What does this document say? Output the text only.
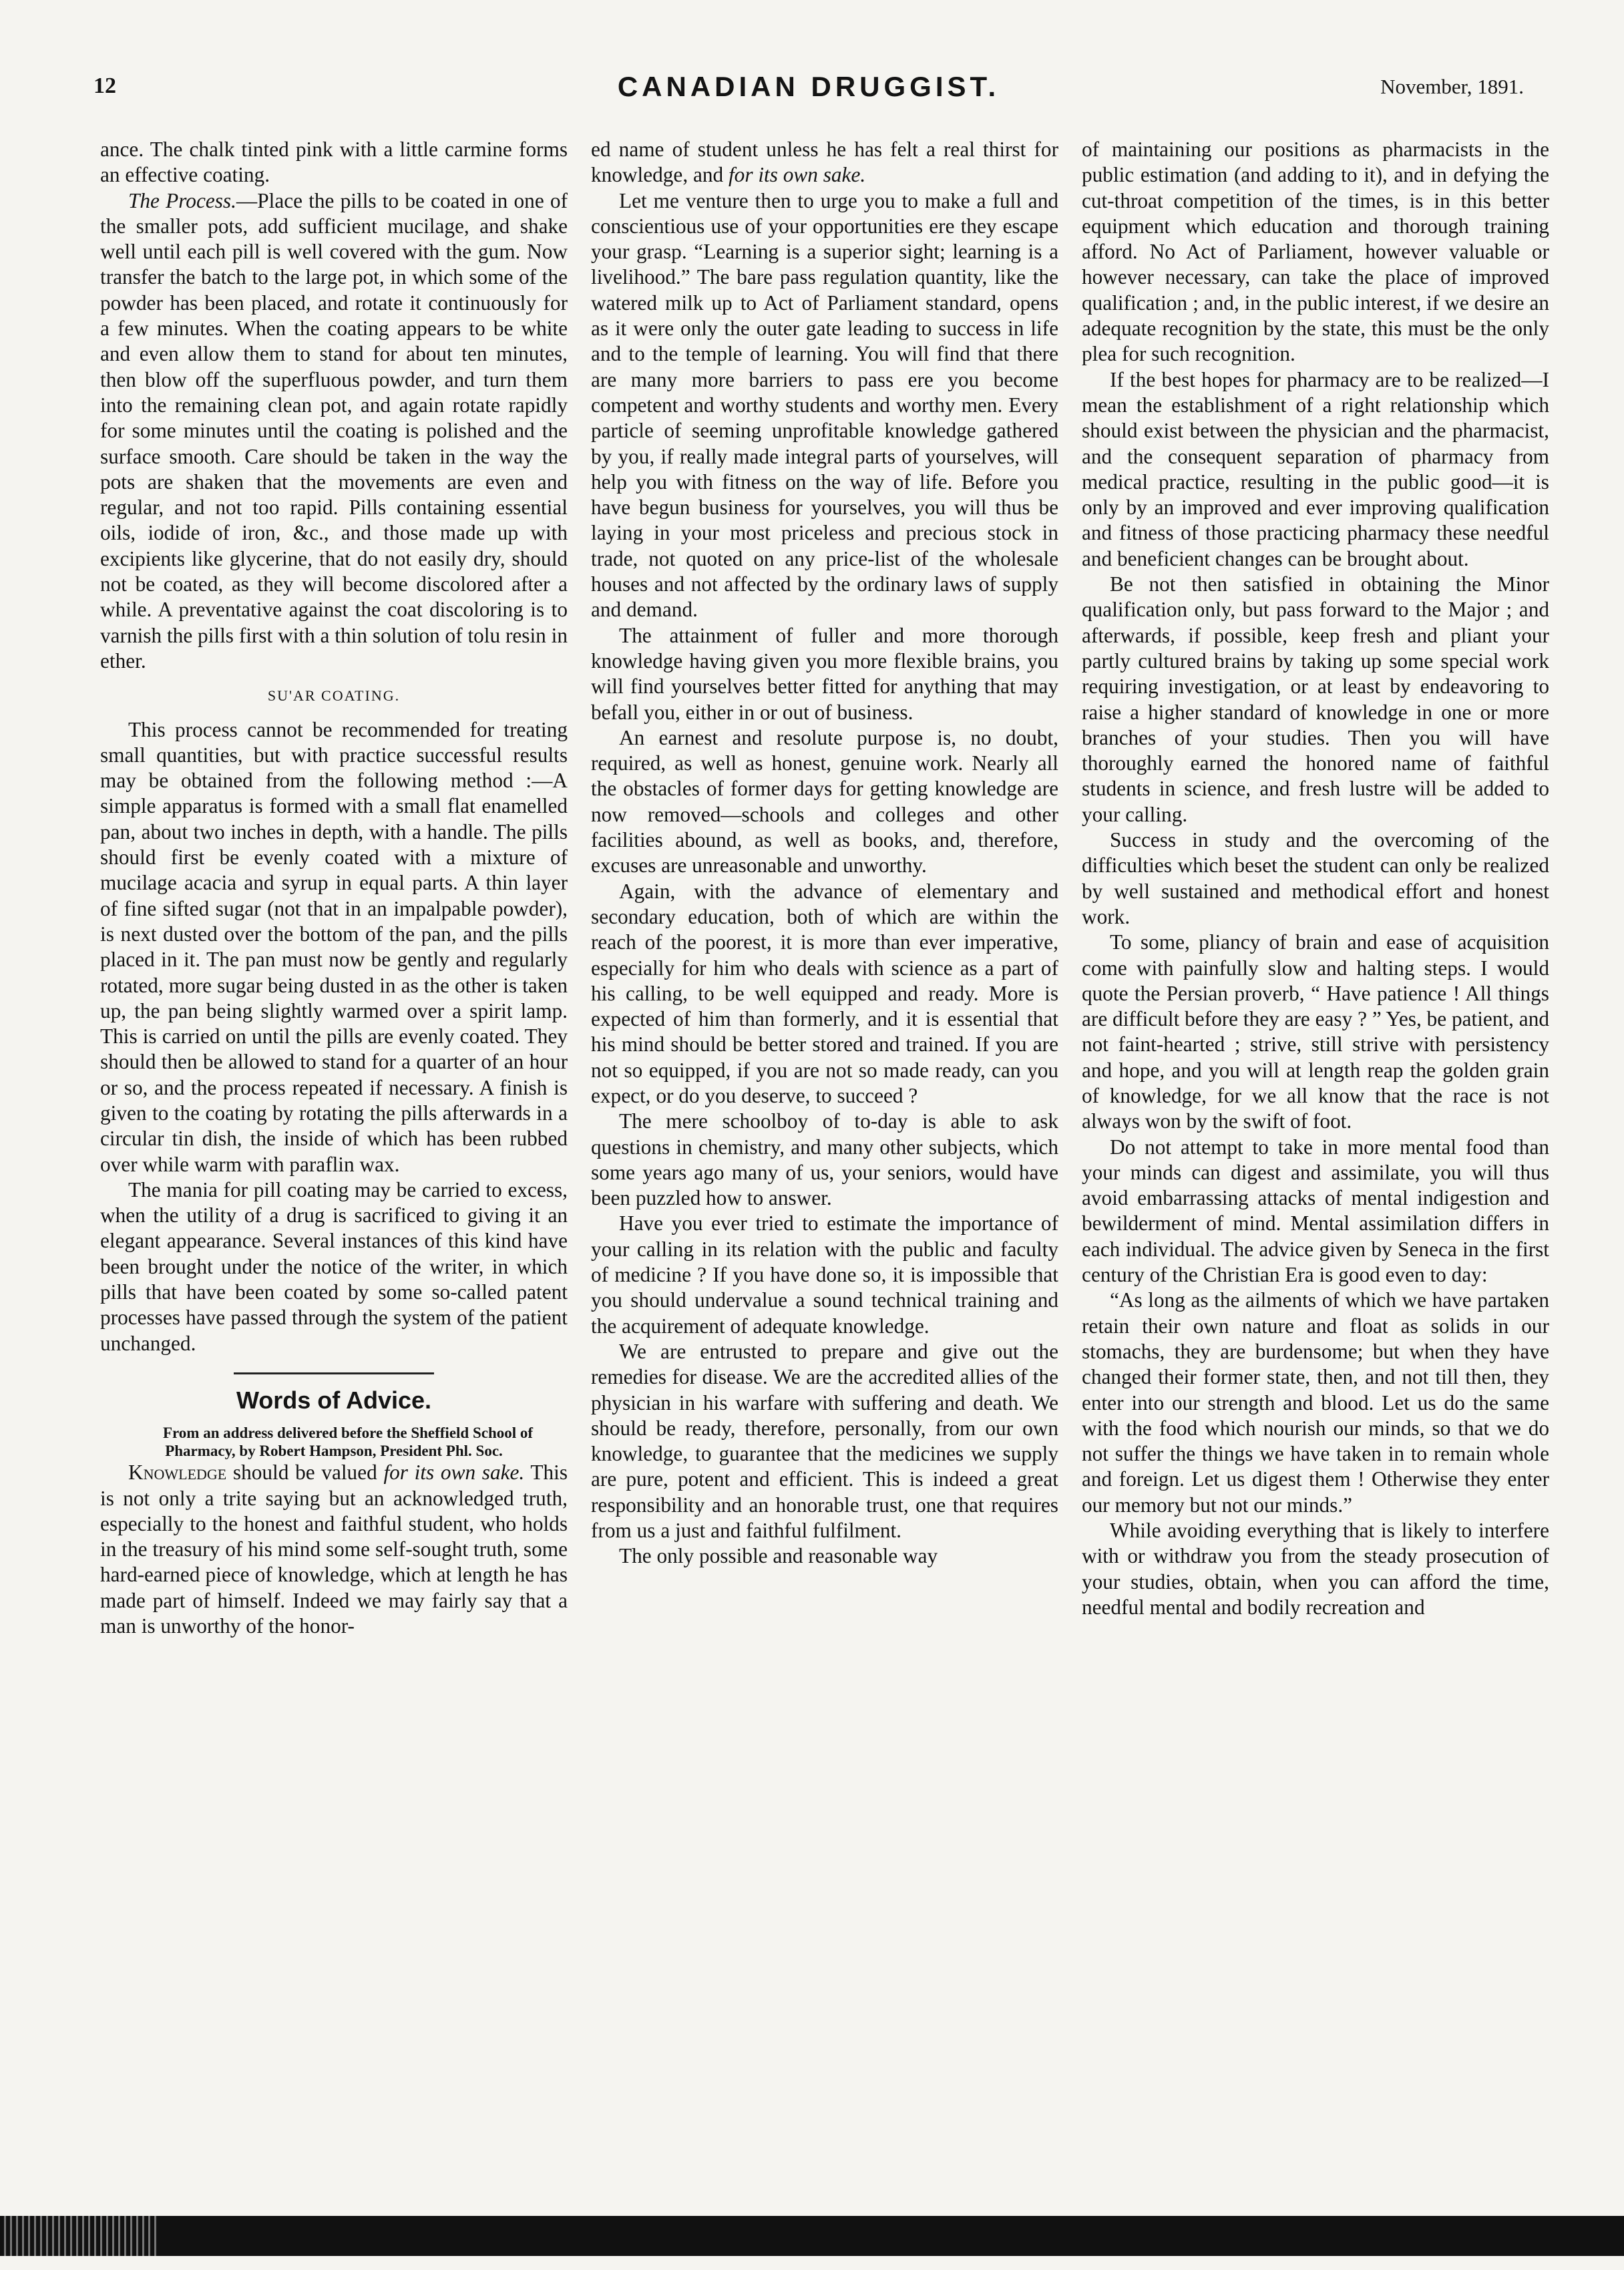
12	CANADIAN DRUGGIST.	November, 1891.

ance. The chalk tinted pink with a little carmine forms an effective coating.

The Process.—Place the pills to be coated in one of the smaller pots, add sufficient mucilage, and shake well until each pill is well covered with the gum. Now transfer the batch to the large pot, in which some of the powder has been placed, and rotate it continuously for a few minutes. When the coating appears to be white and even allow them to stand for about ten minutes, then blow off the superfluous powder, and turn them into the remaining clean pot, and again rotate rapidly for some minutes until the coating is polished and the surface smooth. Care should be taken in the way the pots are shaken that the movements are even and regular, and not too rapid. Pills containing essential oils, iodide of iron, &c., and those made up with excipients like glycerine, that do not easily dry, should not be coated, as they will become discolored after a while. A preventative against the coat discoloring is to varnish the pills first with a thin solution of tolu resin in ether.

SU'AR COATING.

This process cannot be recommended for treating small quantities, but with practice successful results may be obtained from the following method :—A simple apparatus is formed with a small flat enamelled pan, about two inches in depth, with a handle. The pills should first be evenly coated with a mixture of mucilage acacia and syrup in equal parts. A thin layer of fine sifted sugar (not that in an impalpable powder), is next dusted over the bottom of the pan, and the pills placed in it. The pan must now be gently and regularly rotated, more sugar being dusted in as the other is taken up, the pan being slightly warmed over a spirit lamp. This is carried on until the pills are evenly coated. They should then be allowed to stand for a quarter of an hour or so, and the process repeated if necessary. A finish is given to the coating by rotating the pills afterwards in a circular tin dish, the inside of which has been rubbed over while warm with paraflin wax.

The mania for pill coating may be carried to excess, when the utility of a drug is sacrificed to giving it an elegant appearance. Several instances of this kind have been brought under the notice of the writer, in which pills that have been coated by some so-called patent processes have passed through the system of the patient unchanged.

Words of Advice.

From an address delivered before the Sheffield School of Pharmacy, by Robert Hampson, President Phl. Soc.

Knowledge should be valued for its own sake. This is not only a trite saying but an acknowledged truth, especially to the honest and faithful student, who holds in the treasury of his mind some self-sought truth, some hard-earned piece of knowledge, which at length he has made part of himself. Indeed we may fairly say that a man is unworthy of the honor-

ed name of student unless he has felt a real thirst for knowledge, and for its own sake.

Let me venture then to urge you to make a full and conscientious use of your opportunities ere they escape your grasp. “Learning is a superior sight; learning is a livelihood.” The bare pass regulation quantity, like the watered milk up to Act of Parliament standard, opens as it were only the outer gate leading to success in life and to the temple of learning. You will find that there are many more barriers to pass ere you become competent and worthy students and worthy men. Every particle of seeming unprofitable knowledge gathered by you, if really made integral parts of yourselves, will help you with fitness on the way of life. Before you have begun business for yourselves, you will thus be laying in your most priceless and precious stock in trade, not quoted on any price-list of the wholesale houses and not affected by the ordinary laws of supply and demand.

The attainment of fuller and more thorough knowledge having given you more flexible brains, you will find yourselves better fitted for anything that may befall you, either in or out of business.

An earnest and resolute purpose is, no doubt, required, as well as honest, genuine work. Nearly all the obstacles of former days for getting knowledge are now removed—schools and colleges and other facilities abound, as well as books, and, therefore, excuses are unreasonable and unworthy.

Again, with the advance of elementary and secondary education, both of which are within the reach of the poorest, it is more than ever imperative, especially for him who deals with science as a part of his calling, to be well equipped and ready. More is expected of him than formerly, and it is essential that his mind should be better stored and trained. If you are not so equipped, if you are not so made ready, can you expect, or do you deserve, to succeed ?

The mere schoolboy of to-day is able to ask questions in chemistry, and many other subjects, which some years ago many of us, your seniors, would have been puzzled how to answer.

Have you ever tried to estimate the importance of your calling in its relation with the public and faculty of medicine ? If you have done so, it is impossible that you should undervalue a sound technical training and the acquirement of adequate knowledge.

We are entrusted to prepare and give out the remedies for disease. We are the accredited allies of the physician in his warfare with suffering and death. We should be ready, therefore, personally, from our own knowledge, to guarantee that the medicines we supply are pure, potent and efficient. This is indeed a great responsibility and an honorable trust, one that requires from us a just and faithful fulfilment.

The only possible and reasonable way

of maintaining our positions as pharmacists in the public estimation (and adding to it), and in defying the cut-throat competition of the times, is in this better equipment which education and thorough training afford. No Act of Parliament, however valuable or however necessary, can take the place of improved qualification ; and, in the public interest, if we desire an adequate recognition by the state, this must be the only plea for such recognition.

If the best hopes for pharmacy are to be realized—I mean the establishment of a right relationship which should exist between the physician and the pharmacist, and the consequent separation of pharmacy from medical practice, resulting in the public good—it is only by an improved and ever improving qualification and fitness of those practicing pharmacy these needful and beneficient changes can be brought about.

Be not then satisfied in obtaining the Minor qualification only, but pass forward to the Major ; and afterwards, if possible, keep fresh and pliant your partly cultured brains by taking up some special work requiring investigation, or at least by endeavoring to raise a higher standard of knowledge in one or more branches of your studies. Then you will have thoroughly earned the honored name of faithful students in science, and fresh lustre will be added to your calling.

Success in study and the overcoming of the difficulties which beset the student can only be realized by well sustained and methodical effort and honest work.

To some, pliancy of brain and ease of acquisition come with painfully slow and halting steps. I would quote the Persian proverb, “ Have patience ! All things are difficult before they are easy ? ” Yes, be patient, and not faint-hearted ; strive, still strive with persistency and hope, and you will at length reap the golden grain of knowledge, for we all know that the race is not always won by the swift of foot.

Do not attempt to take in more mental food than your minds can digest and assimilate, you will thus avoid embarrassing attacks of mental indigestion and bewilderment of mind. Mental assimilation differs in each individual. The advice given by Seneca in the first century of the Christian Era is good even to day:

“As long as the ailments of which we have partaken retain their own nature and float as solids in our stomachs, they are burdensome; but when they have changed their former state, then, and not till then, they enter into our strength and blood. Let us do the same with the food which nourish our minds, so that we do not suffer the things we have taken in to remain whole and foreign. Let us digest them ! Otherwise they enter our memory but not our minds.”

While avoiding everything that is likely to interfere with or withdraw you from the steady prosecution of your studies, obtain, when you can afford the time, needful mental and bodily recreation and
